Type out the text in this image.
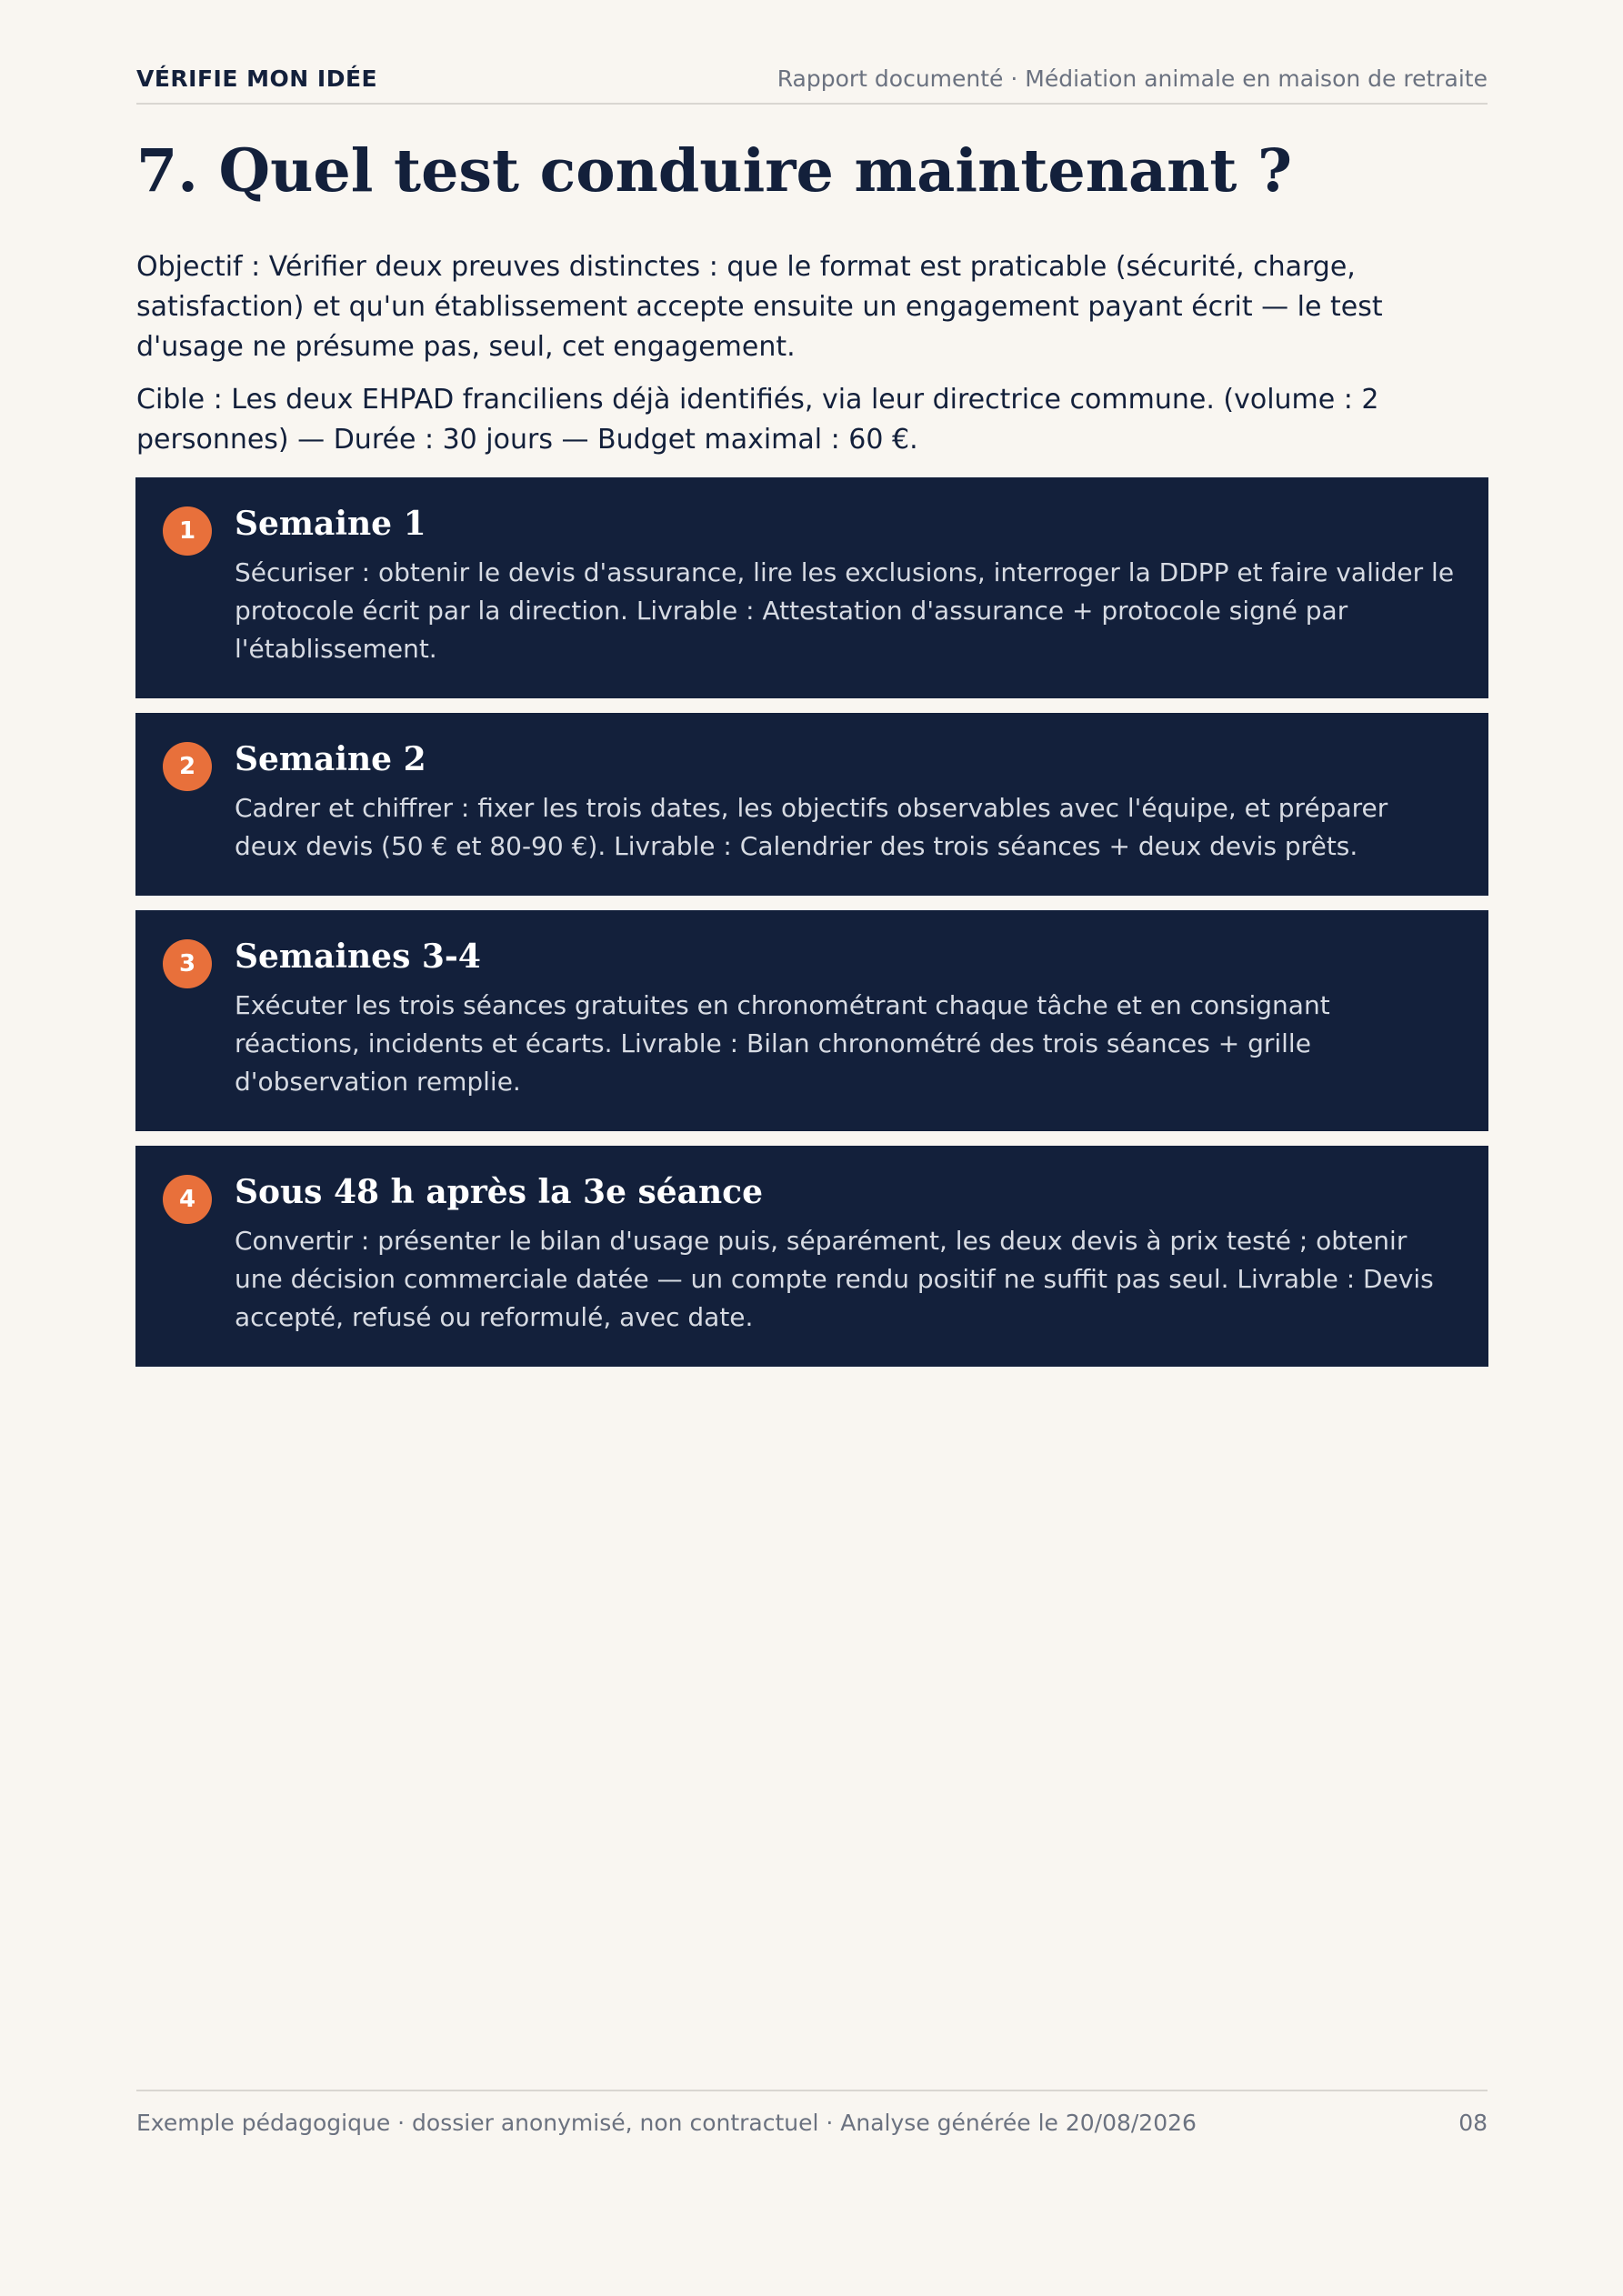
VÉRIFIE MON IDÉE	Rapport documenté · Médiation animale en maison de retraite
7. Quel test conduire maintenant ?

Objectif : Vérifier deux preuves distinctes : que le format est praticable (sécurité, charge, satisfaction) et qu'un établissement accepte ensuite un engagement payant écrit — le test d'usage ne présume pas, seul, cet engagement.

Cible : Les deux EHPAD franciliens déjà identifiés, via leur directrice commune. (volume : 2 personnes) — Durée : 30 jours — Budget maximal : 60 €.

1	Semaine 1
Sécuriser : obtenir le devis d'assurance, lire les exclusions, interroger la DDPP et faire valider le protocole écrit par la direction. Livrable : Attestation d'assurance + protocole signé par l'établissement.
2	Semaine 2
Cadrer et chiffrer : fixer les trois dates, les objectifs observables avec l'équipe, et préparer deux devis (50 € et 80-90 €). Livrable : Calendrier des trois séances + deux devis prêts.
3	Semaines 3-4
Exécuter les trois séances gratuites en chronométrant chaque tâche et en consignant réactions, incidents et écarts. Livrable : Bilan chronométré des trois séances + grille d'observation remplie.
4	Sous 48 h après la 3e séance
Convertir : présenter le bilan d'usage puis, séparément, les deux devis à prix testé ; obtenir une décision commerciale datée — un compte rendu positif ne suffit pas seul. Livrable : Devis accepté, refusé ou reformulé, avec date.
Exemple pédagogique · dossier anonymisé, non contractuel · Analyse générée le 20/08/2026	08
